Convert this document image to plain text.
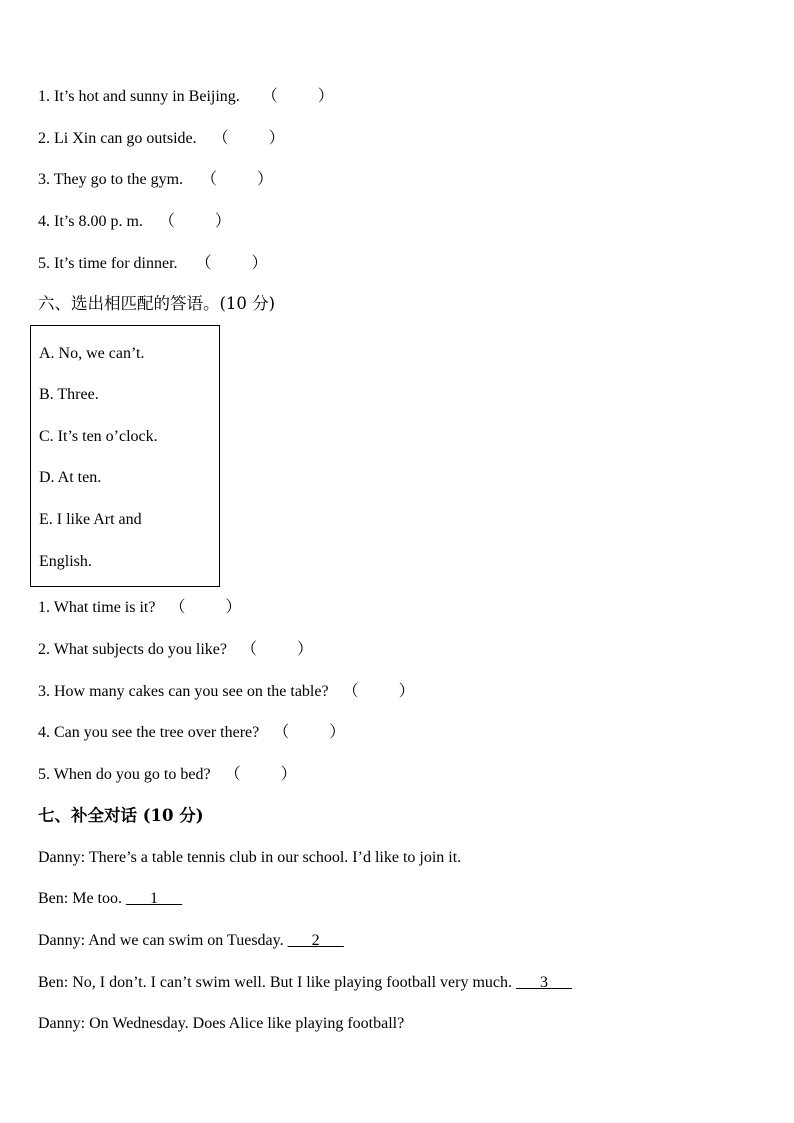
1. It’s hot and sunny in Beijing. （          ）
2. Li Xin can go outside. （          ）
3. They go to the gym. （          ）
4. It’s 8.00 p. m. （          ）
5. It’s time for dinner. （          ）
六、选出相匹配的答语。(10 分)
A. No, we can’t.
B. Three.
C. It’s ten o’clock.
D. At ten.
E. I like Art and
English.
1. What time is it? （          ）
2. What subjects do you like? （          ）
3. How many cakes can you see on the table? （          ）
4. Can you see the tree over there? （          ）
5. When do you go to bed? （          ）
七、补全对话 (10 分)
Danny: There’s a table tennis club in our school. I’d like to join it.
Ben: Me too. ___1___
Danny: And we can swim on Tuesday. ___2___
Ben: No, I don’t. I can’t swim well. But I like playing football very much. ___3___
Danny: On Wednesday. Does Alice like playing football?
